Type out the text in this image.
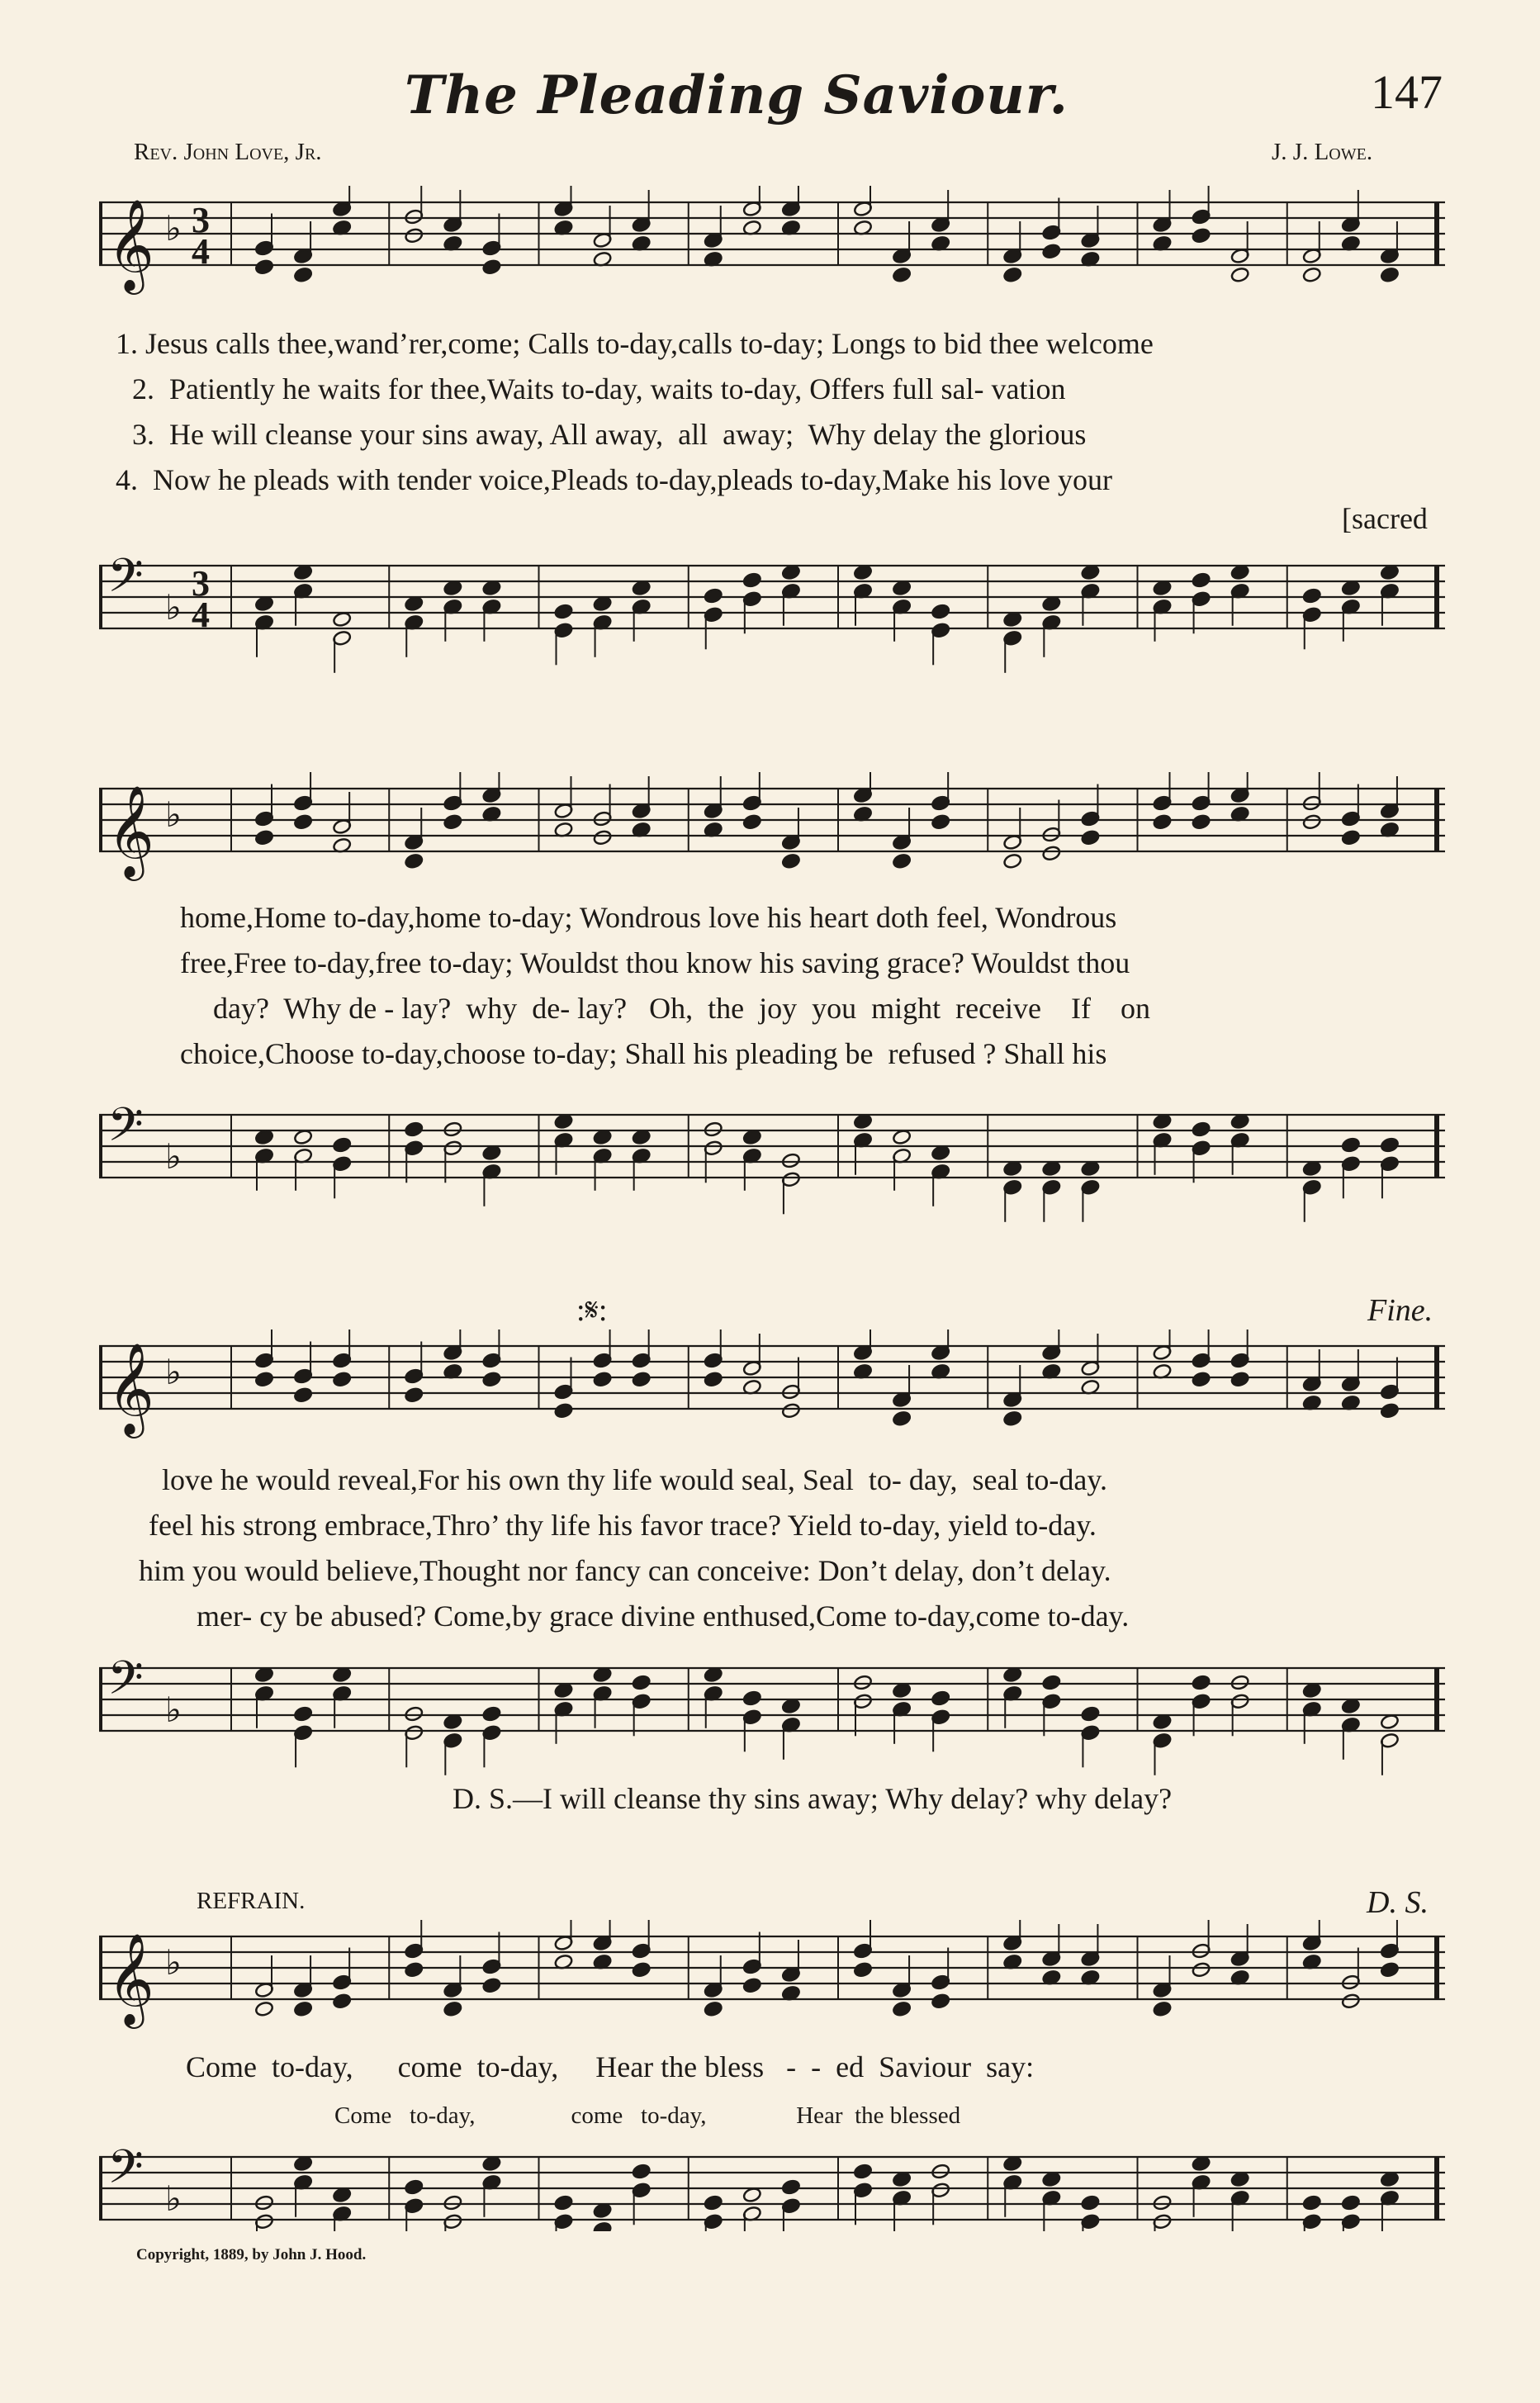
The Pleading Saviour.	147
Rev. John Love, Jr.	J. J. Lowe.
𝄞 ♭ 3
4
1. Jesus calls thee,wand’rer,come; Calls to-day,calls to-day; Longs to bid thee welcome
2.  Patiently he waits for thee,Waits to-day, waits to-day, Offers full sal- vation
3.  He will cleanse your sins away, All away,  all  away;  Why delay the glorious
4.  Now he pleads with tender voice,Pleads to-day,pleads to-day,Make his love your
[sacred
𝄢 ♭
3
4
𝄞 ♭
home,Home to-day,home to-day; Wondrous love his heart doth feel, Wondrous
free,Free to-day,free to-day; Wouldst thou know his saving grace? Wouldst thou
day?  Why de - lay?  why  de- lay?   Oh,  the  joy  you  might  receive    If    on
choice,Choose to-day,choose to-day; Shall his pleading be  refused ? Shall his
𝄢 ♭
:𝄋:	Fine.
𝄞 ♭
love he would reveal,For his own thy life would seal, Seal  to- day,  seal to-day.
feel his strong embrace,Thro’ thy life his favor trace? Yield to-day, yield to-day.
him you would believe,Thought nor fancy can conceive: Don’t delay, don’t delay.
mer- cy be abused? Come,by grace divine enthused,Come to-day,come to-day.
𝄢 ♭
D. S.—I will cleanse thy sins away; Why delay? why delay?
REFRAIN.	D. S.
𝄞 ♭
Come  to-day,      come  to-day,     Hear the bless   -  -  ed  Saviour  say:
Come   to-day,                come   to-day,               Hear  the blessed
𝄢 ♭
Copyright, 1889, by John J. Hood.
